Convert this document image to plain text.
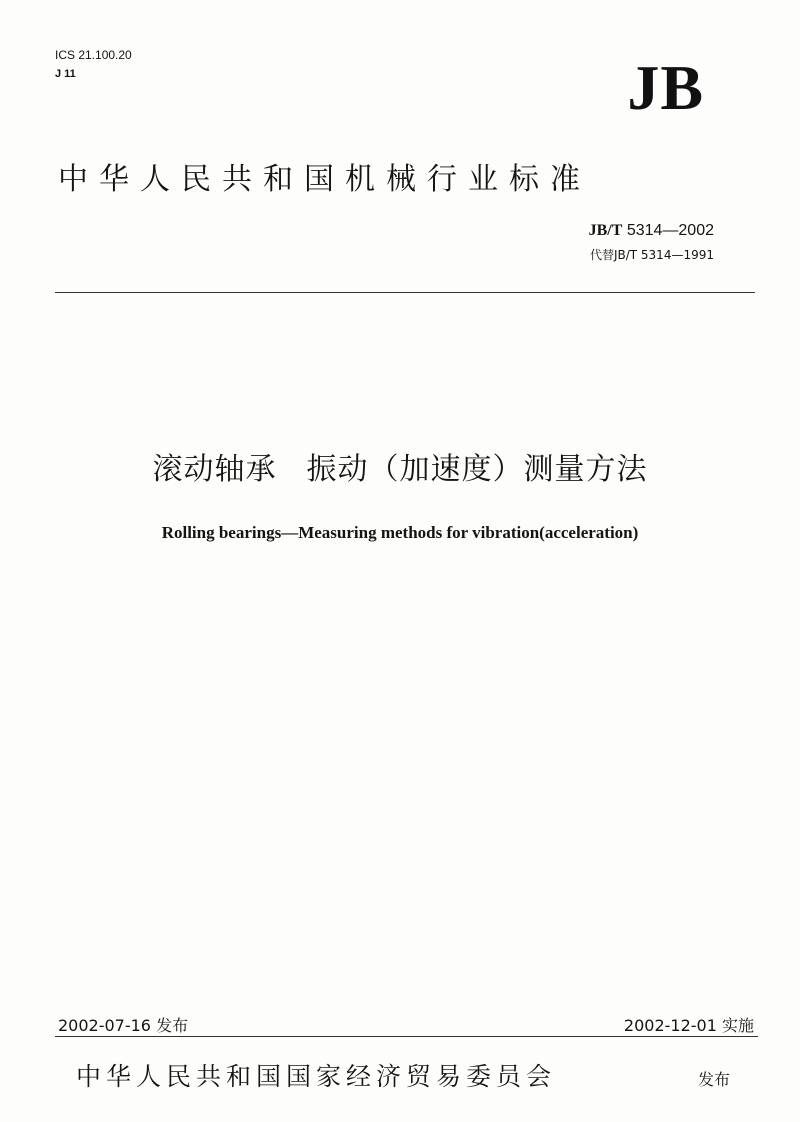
ICS 21.100.20
J 11	JB
中华人民共和国机械行业标准
JB/T 5314—2002
代替JB/T 5314—1991
滚动轴承 振动（加速度）测量方法
Rolling bearings—Measuring methods for vibration(acceleration)
2002-07-16 发布	2002-12-01 实施
中华人民共和国国家经济贸易委员会	发布
